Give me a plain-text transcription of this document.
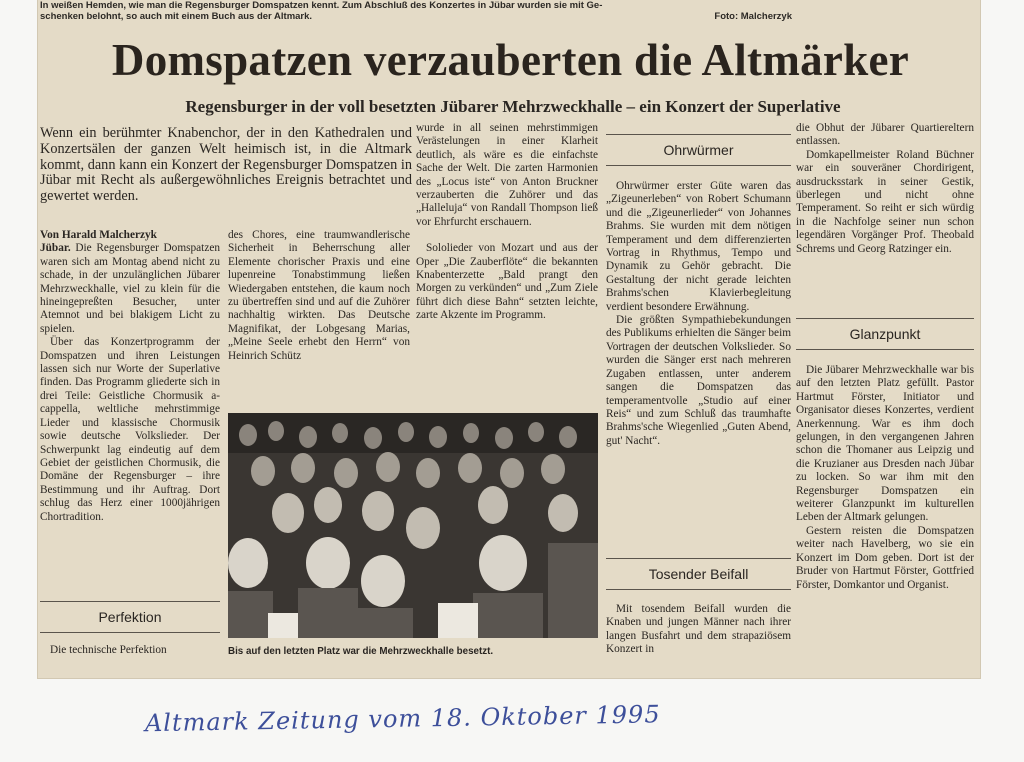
In weißen Hemden, wie man die Regensburger Domspatzen kennt. Zum Abschluß des Konzertes in Jübar wurden sie mit Ge-
schenken belohnt, so auch mit einem Buch aus der Altmark.	Foto: Malcherzyk
Domspatzen verzauberten die Altmärker
Regensburger in der voll besetzten Jübarer Mehrzweckhalle – ein Konzert der Superlative
Wenn ein berühmter Knabenchor, der in den Kathedralen und Konzertsälen der ganzen Welt heimisch ist, in die Altmark kommt, dann kann ein Konzert der Regensburger Domspatzen in Jübar mit Recht als außergewöhnliches Ereignis betrachtet und gewertet werden.

Von Harald Malcherzyk

Jübar. Die Regensburger Domspatzen waren sich am Montag abend nicht zu schade, in der unzulänglichen Jübarer Mehrzweckhalle, viel zu klein für die hineingepreßten Besucher, unter Atemnot und bei blakigem Licht zu spielen.

Über das Konzertprogramm der Domspatzen und ihren Leistungen lassen sich nur Worte der Superlative finden. Das Programm gliederte sich in drei Teile: Geistliche Chormusik a-cappella, weltliche mehrstimmige Lieder und klassische Chormusik sowie deutsche Volkslieder. Der Schwerpunkt lag eindeutig auf dem Gebiet der geistlichen Chormusik, die Domäne der Regensburger – ihre Bestimmung und ihr Auftrag. Dort schlug das Herz einer 1000jährigen Chortradition.

Perfektion

Die technische Perfektion

des Chores, eine traumwandlerische Sicherheit in Beherrschung aller Elemente chorischer Praxis und eine lupenreine Tonabstimmung ließen Wiedergaben entstehen, die kaum noch zu übertreffen sind und auf die Zuhörer nachhaltig wirkten. Das Deutsche Magnifikat, der Lobgesang Marias, „Meine Seele erhebt den Herrn“ von Heinrich Schütz

wurde in all seinen mehrstimmigen Verästelungen in einer Klarheit deutlich, als wäre es die einfachste Sache der Welt. Die zarten Harmonien des „Locus iste“ von Anton Bruckner verzauberten die Zuhörer und das „Halleluja“ von Randall Thompson ließ vor Ehrfurcht erschauern.

Sololieder von Mozart und aus der Oper „Die Zauberflöte“ die bekannten Knabenterzette „Bald prangt den Morgen zu verkünden“ und „Zum Ziele führt dich diese Bahn“ setzten leichte, zarte Akzente im Programm.

Bis auf den letzten Platz war die Mehrzweckhalle besetzt.
Ohrwürmer

Ohrwürmer erster Güte waren das „Zigeunerleben“ von Robert Schumann und die „Zigeunerlieder“ von Johannes Brahms. Sie wurden mit dem nötigen Temperament und dem differenzierten Vortrag in Rhythmus, Tempo und Dynamik zu Gehör gebracht. Die Gestaltung der nicht gerade leichten Brahms'schen Klavierbegleitung verdient besondere Erwähnung.

Die größten Sympathiebekundungen des Publikums erhielten die Sänger beim Vortragen der deutschen Volkslieder. So wurden die Sänger erst nach mehreren Zugaben entlassen, unter anderem sangen die Domspatzen das temperamentvolle „Studio auf einer Reis“ und zum Schluß das traumhafte Brahms'sche Wiegenlied „Guten Abend, gut' Nacht“.

Tosender Beifall

Mit tosendem Beifall wurden die Knaben und jungen Männer nach ihrer langen Busfahrt und dem strapaziösem Konzert in

die Obhut der Jübarer Quartiereltern entlassen.

Domkapellmeister Roland Büchner war ein souveräner Chordirigent, ausdrucksstark in seiner Gestik, überlegen und nicht ohne Temperament. So reiht er sich würdig in die Nachfolge seiner nun schon legendären Vorgänger Prof. Theobald Schrems und Georg Ratzinger ein.

Glanzpunkt

Die Jübarer Mehrzweckhalle war bis auf den letzten Platz gefüllt. Pastor Hartmut Förster, Initiator und Organisator dieses Konzertes, verdient Anerkennung. War es ihm doch gelungen, in den vergangenen Jahren schon die Thomaner aus Leipzig und die Kruzianer aus Dresden nach Jübar zu locken. So war ihm mit den Regensburger Domspatzen ein weiterer Glanzpunkt im kulturellen Leben der Altmark gelungen.

Gestern reisten die Domspatzen weiter nach Havelberg, wo sie ein Konzert im Dom geben. Dort ist der Bruder von Hartmut Förster, Gottfried Förster, Domkantor und Organist.

Altmark Zeitung vom 18. Oktober 1995
